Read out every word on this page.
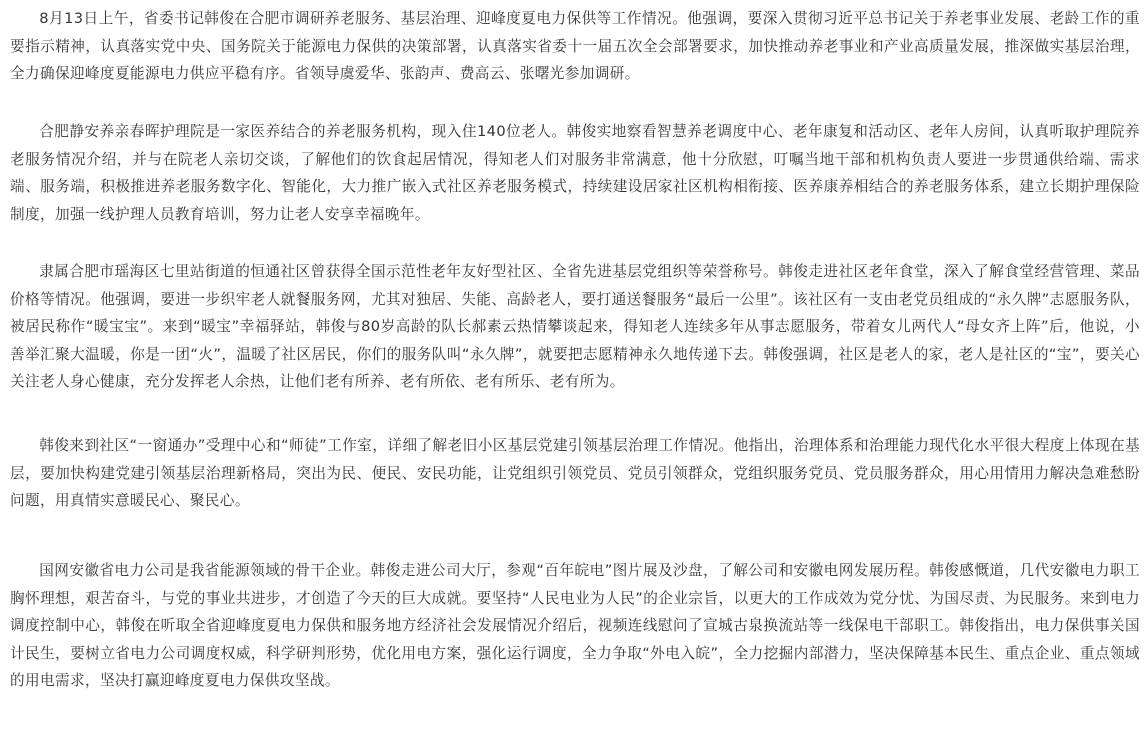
8月13日上午，省委书记韩俊在合肥市调研养老服务、基层治理、迎峰度夏电力保供等工作情况。他强调，要深入贯彻习近平总书记关于养老事业发展、老龄工作的重要指示精神，认真落实党中央、国务院关于能源电力保供的决策部署，认真落实省委十一届五次全会部署要求，加快推动养老事业和产业高质量发展，推深做实基层治理，全力确保迎峰度夏能源电力供应平稳有序。省领导虞爱华、张韵声、费高云、张曙光参加调研。

合肥静安养亲春晖护理院是一家医养结合的养老服务机构，现入住140位老人。韩俊实地察看智慧养老调度中心、老年康复和活动区、老年人房间，认真听取护理院养老服务情况介绍，并与在院老人亲切交谈，了解他们的饮食起居情况，得知老人们对服务非常满意，他十分欣慰，叮嘱当地干部和机构负责人要进一步贯通供给端、需求端、服务端，积极推进养老服务数字化、智能化，大力推广嵌入式社区养老服务模式，持续建设居家社区机构相衔接、医养康养相结合的养老服务体系，建立长期护理保险制度，加强一线护理人员教育培训，努力让老人安享幸福晚年。

隶属合肥市瑶海区七里站街道的恒通社区曾获得全国示范性老年友好型社区、全省先进基层党组织等荣誉称号。韩俊走进社区老年食堂，深入了解食堂经营管理、菜品价格等情况。他强调，要进一步织牢老人就餐服务网，尤其对独居、失能、高龄老人，要打通送餐服务“最后一公里”。该社区有一支由老党员组成的“永久牌”志愿服务队，被居民称作“暖宝宝”。来到“暖宝”幸福驿站，韩俊与80岁高龄的队长郝素云热情攀谈起来，得知老人连续多年从事志愿服务，带着女儿两代人“母女齐上阵”后，他说，小善举汇聚大温暖，你是一团“火”，温暖了社区居民，你们的服务队叫“永久牌”，就要把志愿精神永久地传递下去。韩俊强调，社区是老人的家，老人是社区的“宝”，要关心关注老人身心健康，充分发挥老人余热，让他们老有所养、老有所依、老有所乐、老有所为。

韩俊来到社区“一窗通办”受理中心和“师徒”工作室，详细了解老旧小区基层党建引领基层治理工作情况。他指出，治理体系和治理能力现代化水平很大程度上体现在基层，要加快构建党建引领基层治理新格局，突出为民、便民、安民功能，让党组织引领党员、党员引领群众，党组织服务党员、党员服务群众，用心用情用力解决急难愁盼问题，用真情实意暖民心、聚民心。

国网安徽省电力公司是我省能源领域的骨干企业。韩俊走进公司大厅，参观“百年皖电”图片展及沙盘，了解公司和安徽电网发展历程。韩俊感慨道，几代安徽电力职工胸怀理想，艰苦奋斗，与党的事业共进步，才创造了今天的巨大成就。要坚持“人民电业为人民”的企业宗旨，以更大的工作成效为党分忧、为国尽责、为民服务。来到电力调度控制中心，韩俊在听取全省迎峰度夏电力保供和服务地方经济社会发展情况介绍后，视频连线慰问了宣城古泉换流站等一线保电干部职工。韩俊指出，电力保供事关国计民生，要树立省电力公司调度权威，科学研判形势，优化用电方案，强化运行调度，全力争取“外电入皖”，全力挖掘内部潜力，坚决保障基本民生、重点企业、重点领域的用电需求，坚决打赢迎峰度夏电力保供攻坚战。
